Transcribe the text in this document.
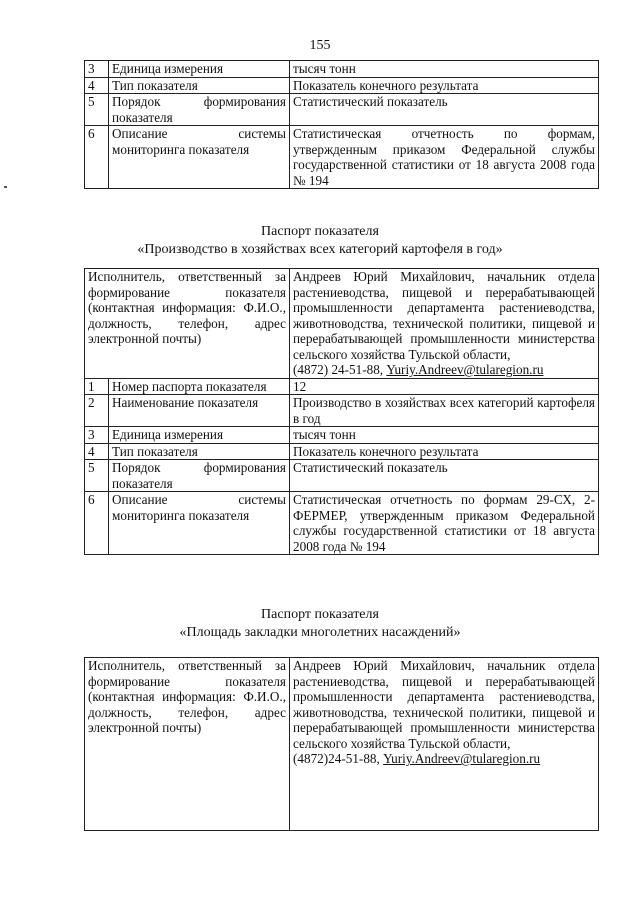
155
3	Единица измерения	тысяч тонн
4	Тип показателя	Показатель конечного результата
5	Порядок формирования показателя	Статистический показатель
6	Описание системы мониторинга показателя	Статистическая отчетность по формам, утвержденным приказом Федеральной службы государственной статистики от 18 августа 2008 года № 194
Паспорт показателя
«Производство в хозяйствах всех категорий картофеля в год»
Исполнитель, ответственный за формирование показателя (контактная информация: Ф.И.О., должность, телефон, адрес электронной почты)		Андреев Юрий Михайлович, начальник отдела растениеводства, пищевой и перерабатывающей промышленности департамента растениеводства, животноводства, технической политики, пищевой и перерабатывающей промышленности министерства сельского хозяйства Тульской области,
(4872) 24-51-88, Yuriy.Andreev@tularegion.ru
1	Номер паспорта показателя	12
2	Наименование показателя	Производство в хозяйствах всех категорий картофеля в год
3	Единица измерения	тысяч тонн
4	Тип показателя	Показатель конечного результата
5	Порядок формирования показателя	Статистический показатель
6	Описание системы мониторинга показателя	Статистическая отчетность по формам 29-СХ, 2-ФЕРМЕР, утвержденным приказом Федеральной службы государственной статистики от 18 августа 2008 года № 194
Паспорт показателя
«Площадь закладки многолетних насаждений»
Исполнитель, ответственный за формирование показателя (контактная информация: Ф.И.О., должность, телефон, адрес электронной почты)	Андреев Юрий Михайлович, начальник отдела растениеводства, пищевой и перерабатывающей промышленности департамента растениеводства, животноводства, технической политики, пищевой и перерабатывающей промышленности министерства сельского хозяйства Тульской области,
(4872)24-51-88, Yuriy.Andreev@tularegion.ru
